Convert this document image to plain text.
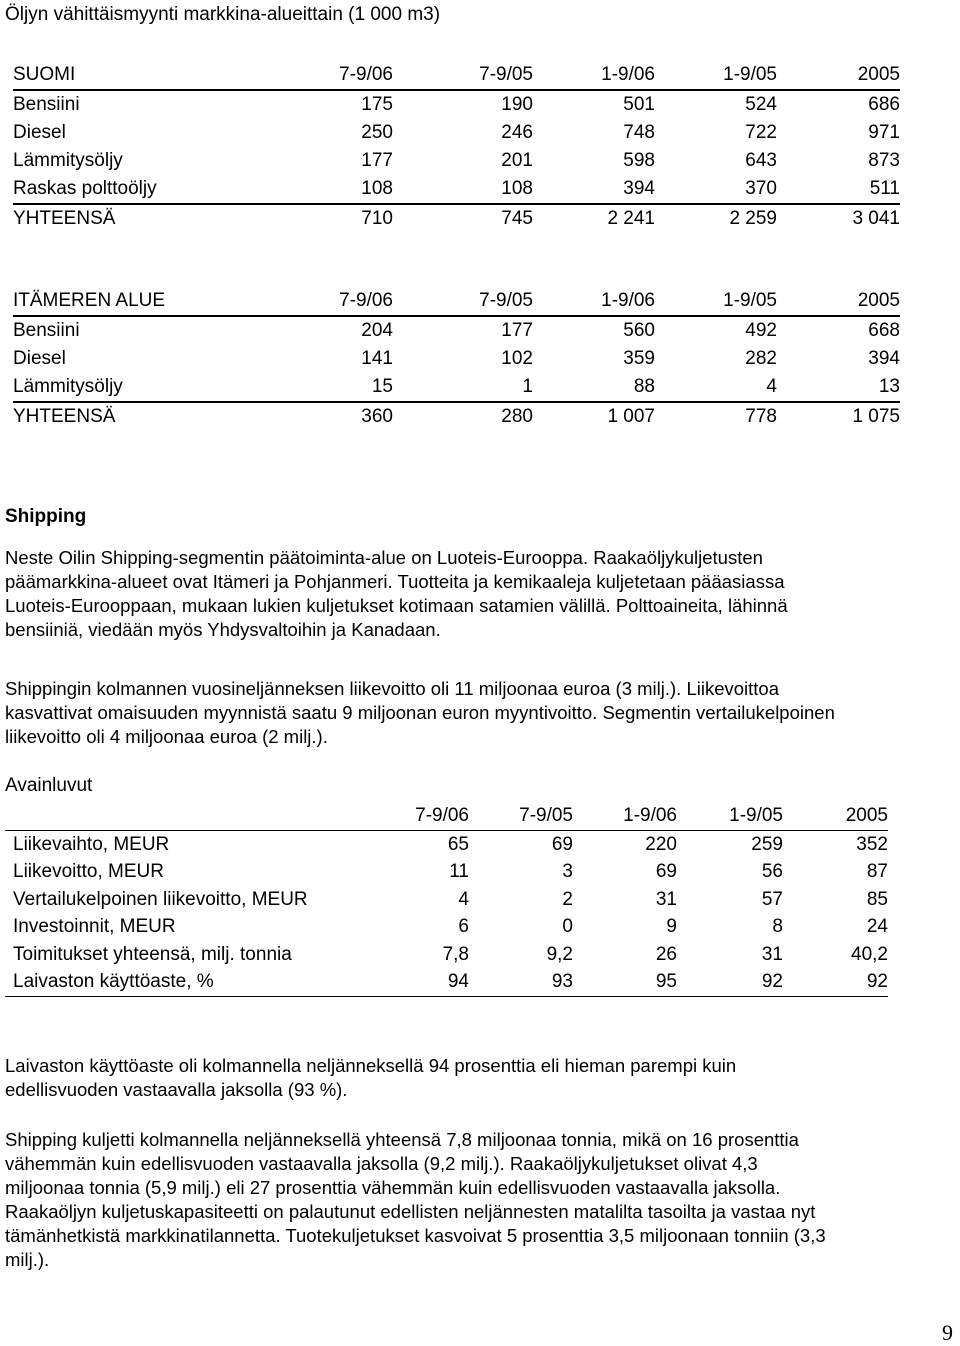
Öljyn vähittäismyynti markkina-alueittain (1 000 m3)
SUOMI	7-9/06	7-9/05	1-9/06	1-9/05	2005
Bensiini	175	190	501	524	686
Diesel	250	246	748	722	971
Lämmitysöljy	177	201	598	643	873
Raskas polttoöljy	108	108	394	370	511
YHTEENSÄ	710	745	2 241	2 259	3 041
ITÄMEREN ALUE	7-9/06	7-9/05	1-9/06	1-9/05	2005
Bensiini	204	177	560	492	668
Diesel	141	102	359	282	394
Lämmitysöljy	15	1	88	4	13
YHTEENSÄ	360	280	1 007	778	1 075
Shipping
Neste Oilin Shipping-segmentin päätoiminta-alue on Luoteis-Eurooppa. Raakaöljykuljetusten
päämarkkina-alueet ovat Itämeri ja Pohjanmeri. Tuotteita ja kemikaaleja kuljetetaan pääasiassa
Luoteis-Eurooppaan, mukaan lukien kuljetukset kotimaan satamien välillä. Polttoaineita, lähinnä
bensiiniä, viedään myös Yhdysvaltoihin ja Kanadaan.
Shippingin kolmannen vuosineljänneksen liikevoitto oli 11 miljoonaa euroa (3 milj.). Liikevoittoa
kasvattivat omaisuuden myynnistä saatu 9 miljoonan euron myyntivoitto. Segmentin vertailukelpoinen
liikevoitto oli 4 miljoonaa euroa (2 milj.).
Avainluvut
	7-9/06	7-9/05	1-9/06	1-9/05	2005
Liikevaihto, MEUR	65	69	220	259	352
Liikevoitto, MEUR	11	3	69	56	87
Vertailukelpoinen liikevoitto, MEUR	4	2	31	57	85
Investoinnit, MEUR	6	0	9	8	24
Toimitukset yhteensä, milj. tonnia	7,8	9,2	26	31	40,2
Laivaston käyttöaste, %	94	93	95	92	92
Laivaston käyttöaste oli kolmannella neljänneksellä 94 prosenttia eli hieman parempi kuin
edellisvuoden vastaavalla jaksolla (93 %).
Shipping kuljetti kolmannella neljänneksellä yhteensä 7,8 miljoonaa tonnia, mikä on 16 prosenttia
vähemmän kuin edellisvuoden vastaavalla jaksolla (9,2 milj.). Raakaöljykuljetukset olivat 4,3
miljoonaa tonnia (5,9 milj.) eli 27 prosenttia vähemmän kuin edellisvuoden vastaavalla jaksolla.
Raakaöljyn kuljetuskapasiteetti on palautunut edellisten neljännesten matalilta tasoilta ja vastaa nyt
tämänhetkistä markkinatilannetta. Tuotekuljetukset kasvoivat 5 prosenttia 3,5 miljoonaan tonniin (3,3
milj.).
9
